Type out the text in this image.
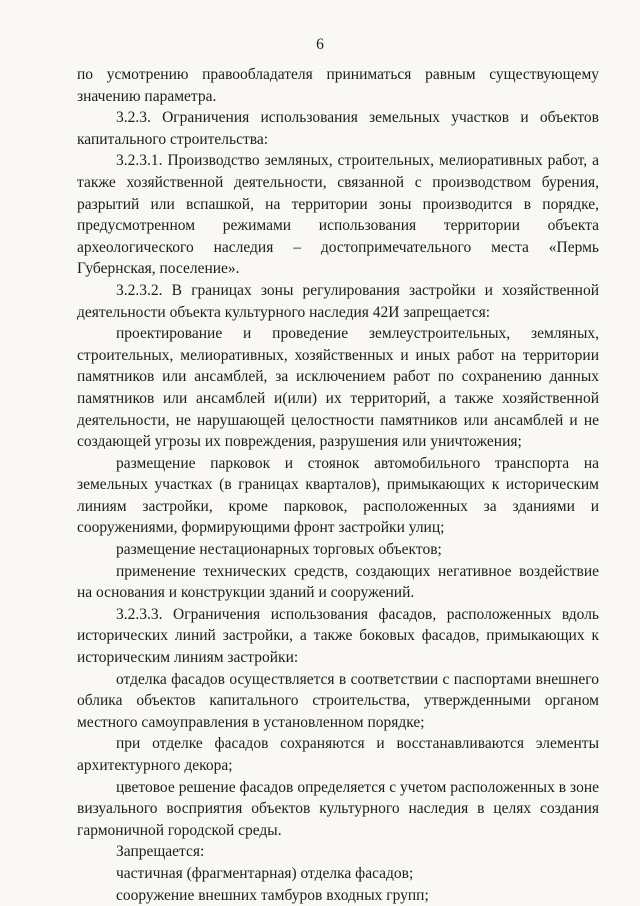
6

по усмотрению правообладателя приниматься равным существующему значению параметра.

3.2.3. Ограничения использования земельных участков и объектов капитального строительства:

3.2.3.1. Производство земляных, строительных, мелиоративных работ, а также хозяйственной деятельности, связанной с производством бурения, разрытий или вспашкой, на территории зоны производится в порядке, предусмотренном режимами использования территории объекта археологического наследия – достопримечательного места «Пермь Губернская, поселение».

3.2.3.2. В границах зоны регулирования застройки и хозяйственной деятельности объекта культурного наследия 42И запрещается:

проектирование и проведение землеустроительных, земляных, строительных, мелиоративных, хозяйственных и иных работ на территории памятников или ансамблей, за исключением работ по сохранению данных памятников или ансамблей и(или) их территорий, а также хозяйственной деятельности, не нарушающей целостности памятников или ансамблей и не создающей угрозы их повреждения, разрушения или уничтожения;

размещение парковок и стоянок автомобильного транспорта на земельных участках (в границах кварталов), примыкающих к историческим линиям застройки, кроме парковок, расположенных за зданиями и сооружениями, формирующими фронт застройки улиц;

размещение нестационарных торговых объектов;

применение технических средств, создающих негативное воздействие на основания и конструкции зданий и сооружений.

3.2.3.3. Ограничения использования фасадов, расположенных вдоль исторических линий застройки, а также боковых фасадов, примыкающих к историческим линиям застройки:

отделка фасадов осуществляется в соответствии с паспортами внешнего облика объектов капитального строительства, утвержденными органом местного самоуправления в установленном порядке;

при отделке фасадов сохраняются и восстанавливаются элементы архитектурного декора;

цветовое решение фасадов определяется с учетом расположенных в зоне визуального восприятия объектов культурного наследия в целях создания гармоничной городской среды.

Запрещается:

частичная (фрагментарная) отделка фасадов;

сооружение внешних тамбуров входных групп;
